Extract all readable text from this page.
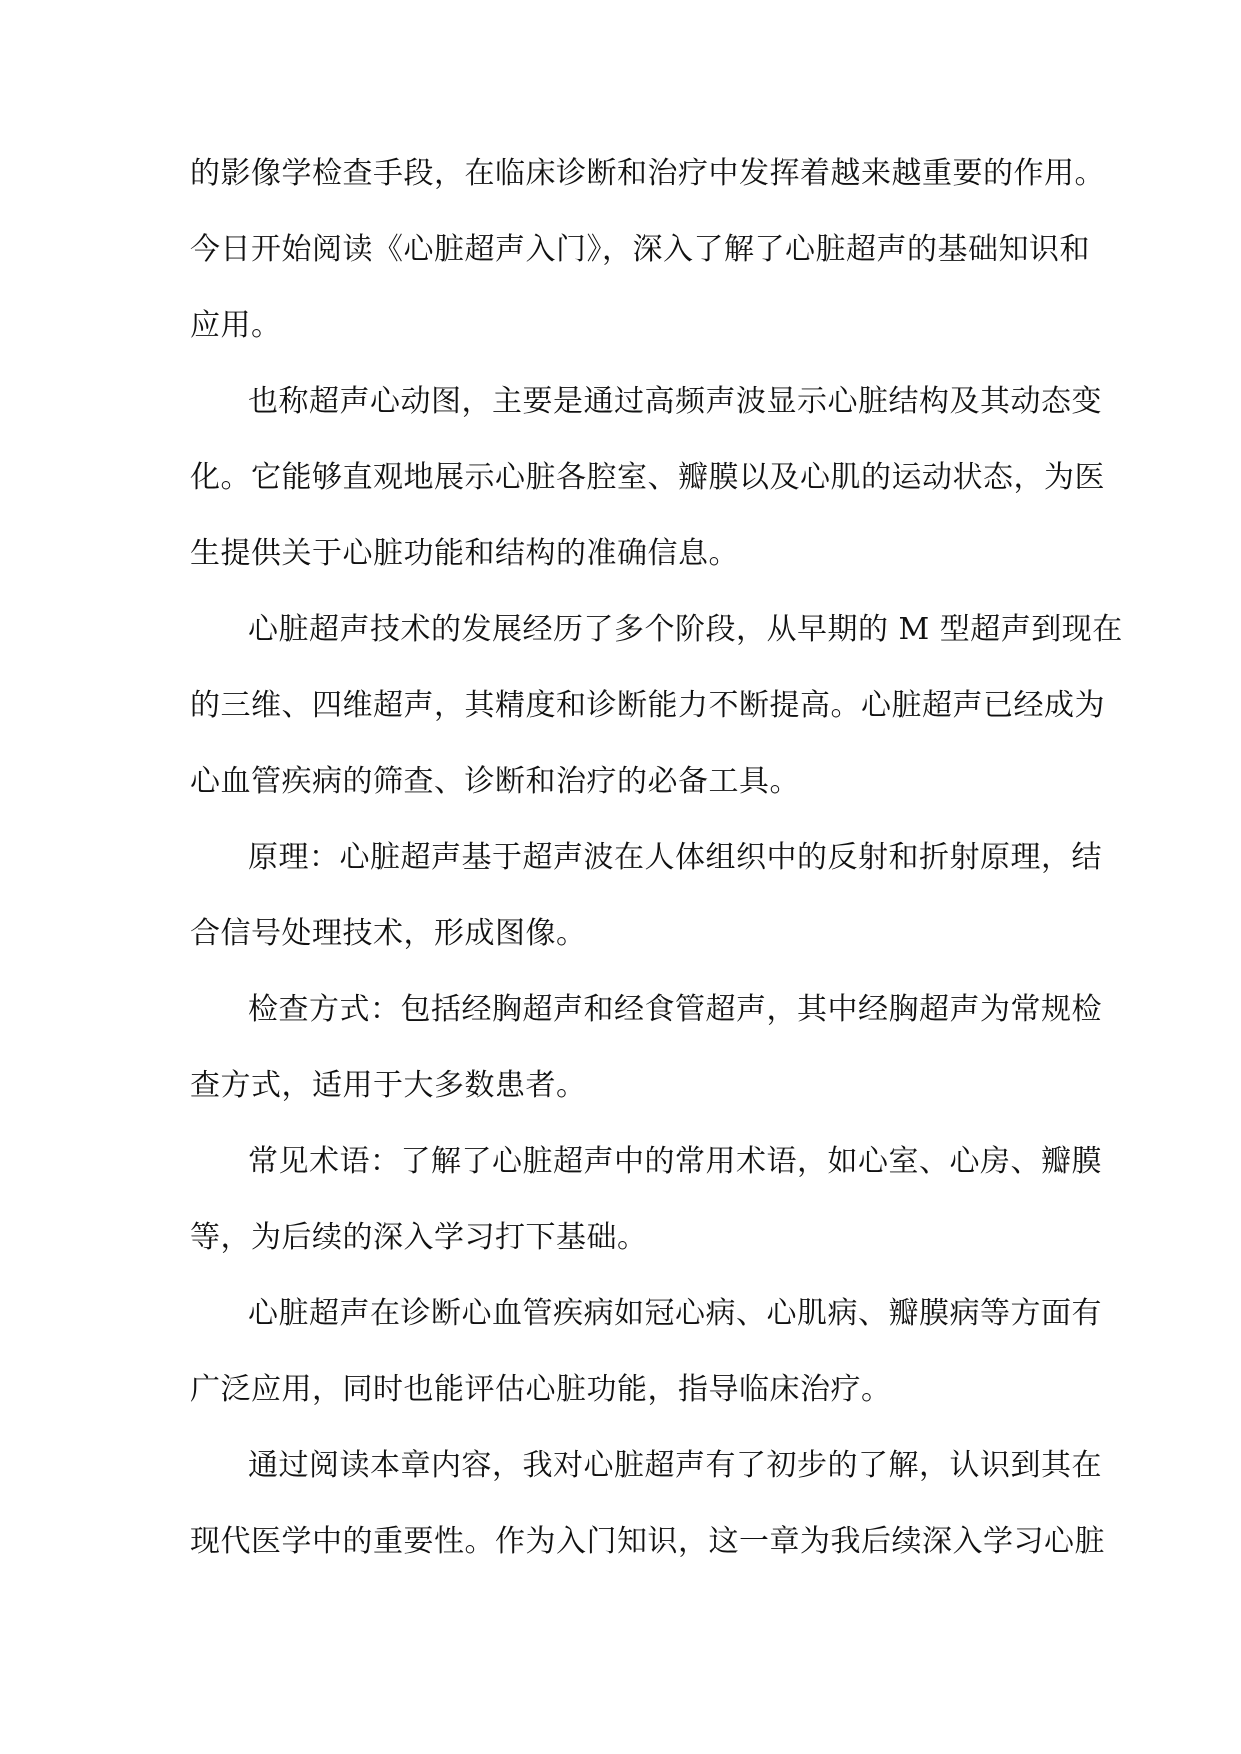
的影像学检查手段，在临床诊断和治疗中发挥着越来越重要的作用。
今日开始阅读《心脏超声入门》，深入了解了心脏超声的基础知识和
应用。
也称超声心动图，主要是通过高频声波显示心脏结构及其动态变
化。它能够直观地展示心脏各腔室、瓣膜以及心肌的运动状态，为医
生提供关于心脏功能和结构的准确信息。
心脏超声技术的发展经历了多个阶段，从早期的 M 型超声到现在
的三维、四维超声，其精度和诊断能力不断提高。心脏超声已经成为
心血管疾病的筛查、诊断和治疗的必备工具。
原理：心脏超声基于超声波在人体组织中的反射和折射原理，结
合信号处理技术，形成图像。
检查方式：包括经胸超声和经食管超声，其中经胸超声为常规检
查方式，适用于大多数患者。
常见术语：了解了心脏超声中的常用术语，如心室、心房、瓣膜
等，为后续的深入学习打下基础。
心脏超声在诊断心血管疾病如冠心病、心肌病、瓣膜病等方面有
广泛应用，同时也能评估心脏功能，指导临床治疗。
通过阅读本章内容，我对心脏超声有了初步的了解，认识到其在
现代医学中的重要性。作为入门知识，这一章为我后续深入学习心脏
